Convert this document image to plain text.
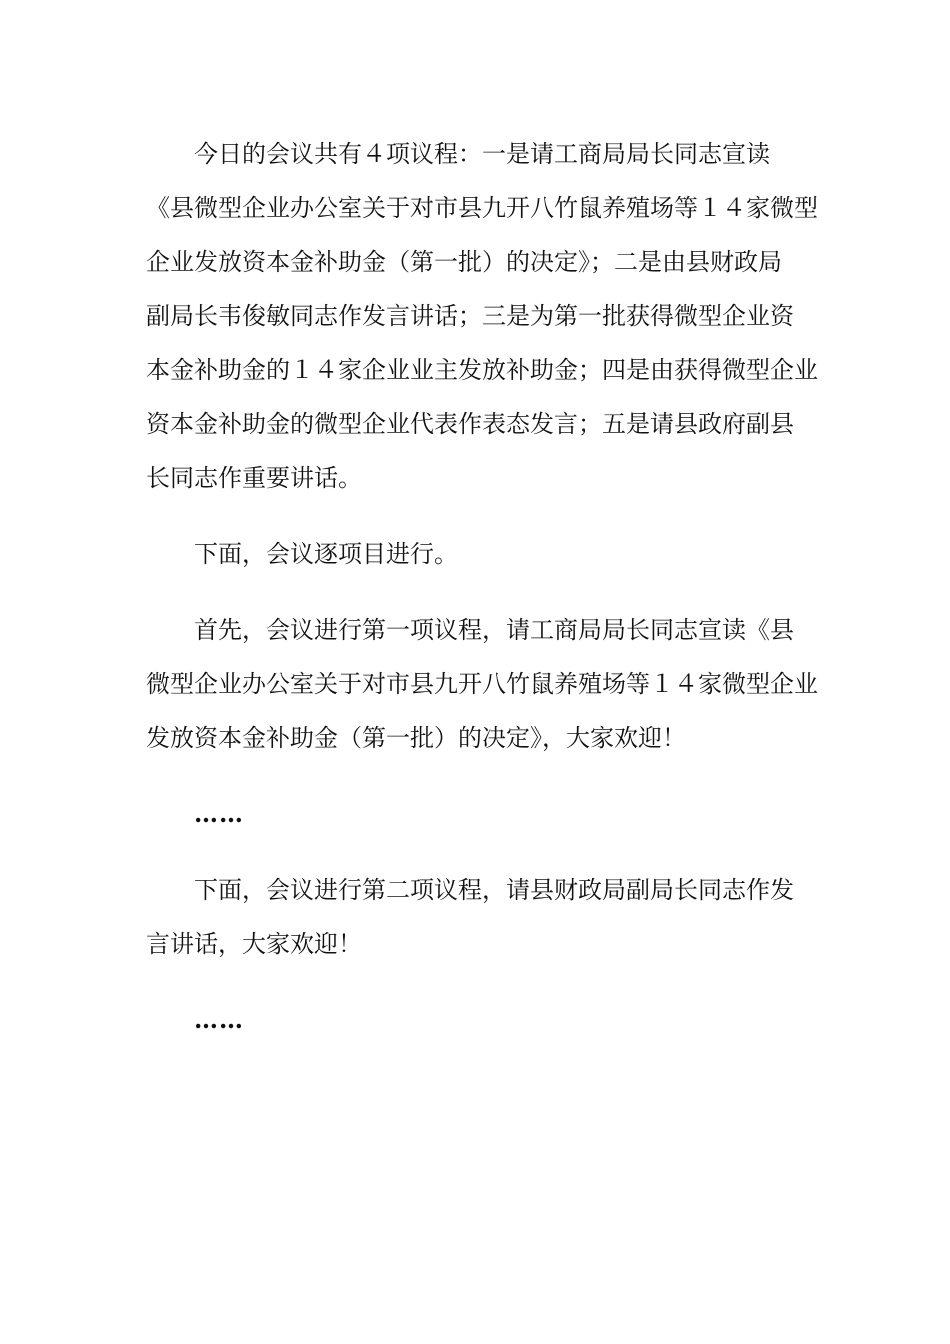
今日的会议共有４项议程：一是请工商局局长同志宣读
《县微型企业办公室关于对市县九开八竹鼠养殖场等１４家微型
企业发放资本金补助金（第一批）的决定》；二是由县财政局
副局长韦俊敏同志作发言讲话；三是为第一批获得微型企业资
本金补助金的１４家企业业主发放补助金；四是由获得微型企业
资本金补助金的微型企业代表作表态发言；五是请县政府副县
长同志作重要讲话。
下面，会议逐项目进行。
首先，会议进行第一项议程，请工商局局长同志宣读《县
微型企业办公室关于对市县九开八竹鼠养殖场等１４家微型企业
发放资本金补助金（第一批）的决定》，大家欢迎！
……
下面，会议进行第二项议程，请县财政局副局长同志作发
言讲话，大家欢迎！
……
